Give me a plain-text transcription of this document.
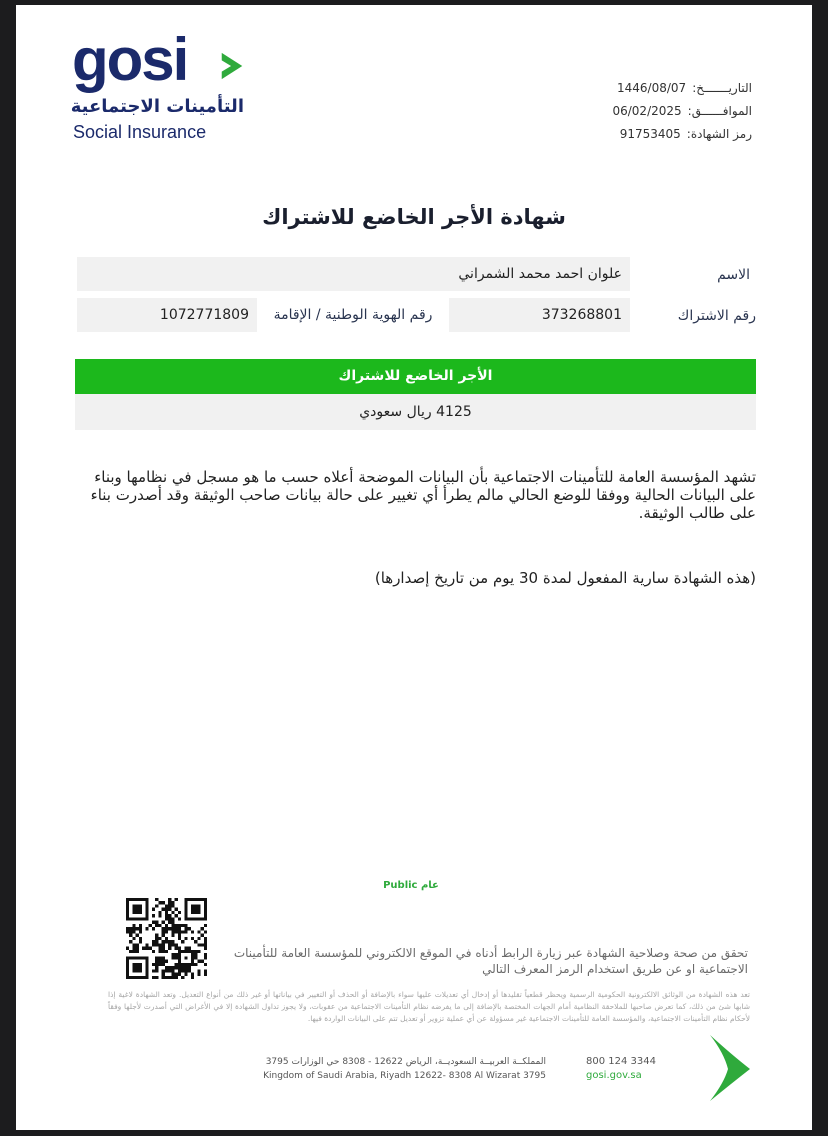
gosi
التأمينات الاجتماعية
Social Insurance
التاريـــــــخ:1446/08/07
الموافــــــق:06/02/2025
رمز الشهادة:91753405
شهادة الأجر الخاضع للاشتراك
الاسم
علوان احمد محمد الشمراني
رقم الاشتراك
373268801
رقم الهوية الوطنية / الإقامة
1072771809
الأجر الخاضع للاشتراك
4125 ريال سعودي
تشهد المؤسسة العامة للتأمينات الاجتماعية بأن البيانات الموضحة أعلاه حسب ما هو مسجل في نظامها وبناء على البيانات الحالية ووفقا للوضع الحالي مالم يطرأ أي تغيير على حالة بيانات صاحب الوثيقة وقد أصدرت بناء على طالب الوثيقة.
(هذه الشهادة سارية المفعول لمدة 30 يوم من تاريخ إصدارها)
عام Public
تحقق من صحة وصلاحية الشهادة عبر زيارة الرابط أدناه في الموقع الالكتروني للمؤسسة العامة للتأمينات الاجتماعية او عن طريق استخدام الرمز المعرف التالي
تعد هذه الشهادة من الوثائق الالكترونية الحكومية الرسمية ويحظر قطعياً تقليدها أو إدخال أي تعديلات عليها سواء بالإضافة أو الحذف أو التغيير في بياناتها أو غير ذلك من أنواع التعديل. وتعد الشهادة لاغية إذا شابها شئ من ذلك، كما تعرض صاحبها للملاحقة النظامية أمام الجهات المختصة بالإضافة إلى ما يفرضه نظام التأمينات الاجتماعية من عقوبات، ولا يجوز تداول الشهادة إلا في الأغراض التي أصدرت لأجلها وفقاً لأحكام نظام التأمينات الاجتماعية، والمؤسسة العامة للتأمينات الاجتماعية غير مسؤولة عن أي عملية تزوير أو تعديل تتم على البيانات الواردة فيها.
المملكــة العربيــة السعوديــة، الرياض 12622 - 8308 حي الوزارات 3795
Kingdom of Saudi Arabia, Riyadh 12622- 8308 Al Wizarat 3795
800 124 3344
gosi.gov.sa
